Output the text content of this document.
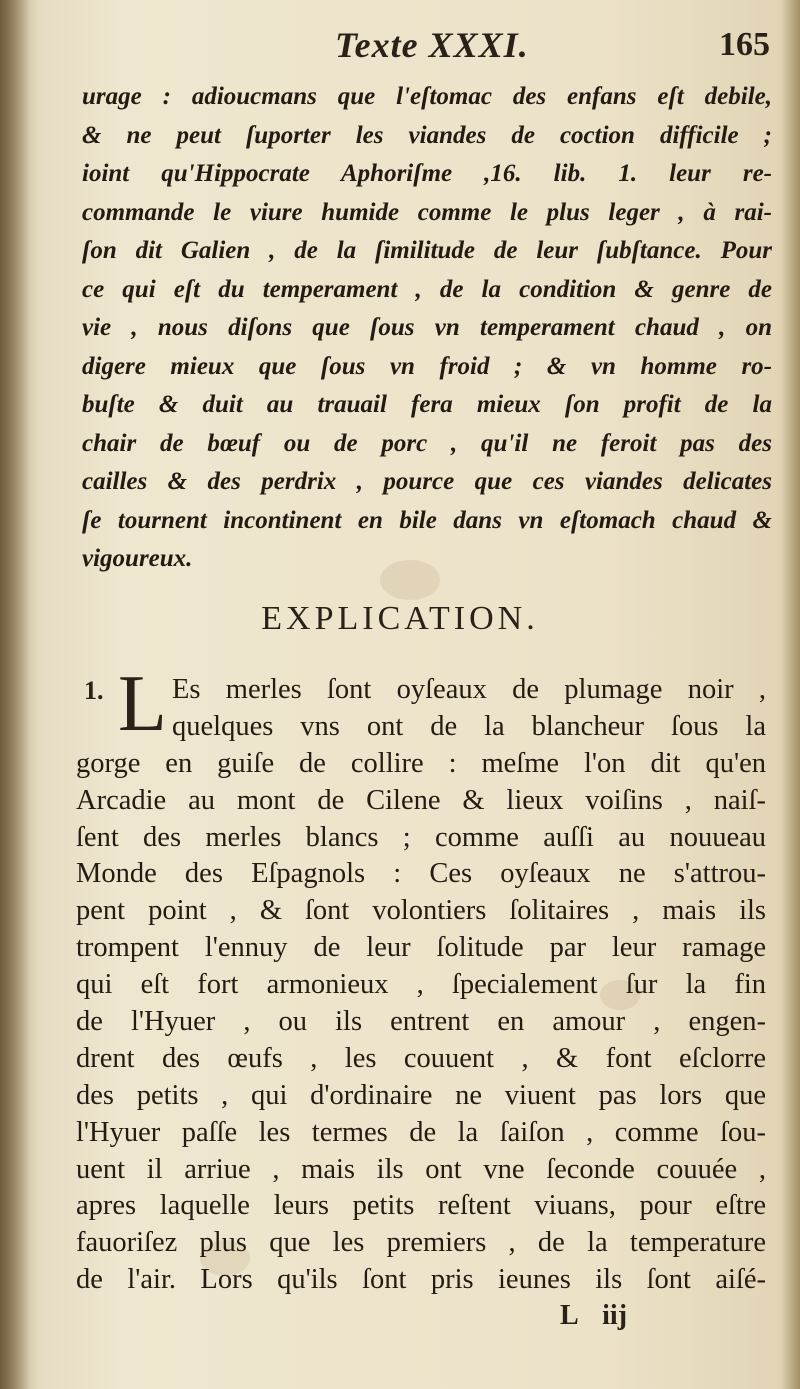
Texte XXXI.	165
urage : adiouстans que l'eſtomac des enfans eſt debile,
& ne peut ſuporter les viandes de coction difficile ;
ioint qu'Hippocrate Aphoriſme ,16. lib. 1. leur re-
commande le viure humide comme le plus leger , à rai-
ſon dit Galien , de la ſimilitude de leur ſubſtance. Pour
ce qui eſt du temperament , de la condition & genre de
vie , nous diſons que ſous vn temperament chaud , on
digere mieux que ſous vn froid ; & vn homme ro-
buſte & duit au trauail fera mieux ſon profit de la
chair de bœuf ou de porc , qu'il ne feroit pas des
cailles & des perdrix , pource que ces viandes delicates
ſe tournent incontinent en bile dans vn eſtomach chaud &
vigoureux.
EXPLICATION.
1. L Es merles ſont oyſeaux de plumage noir ,
quelques vns ont de la blancheur ſous la
gorge en guiſe de collire : meſme l'on dit qu'en
Arcadie au mont de Cilene & lieux voiſins , naiſ-
ſent des merles blancs ; comme auſſi au nouueau
Monde des Eſpagnols : Ces oyſeaux ne s'attrou-
pent point , & ſont volontiers ſolitaires , mais ils
trompent l'ennuy de leur ſolitude par leur ramage
qui eſt fort armonieux , ſpecialement ſur la fin
de l'Hyuer , ou ils entrent en amour , engen-
drent des œufs , les couuent , & font eſclorre
des petits , qui d'ordinaire ne viuent pas lors que
l'Hyuer paſſe les termes de la ſaiſon , comme ſou-
uent il arriue , mais ils ont vne ſeconde couuée ,
apres laquelle leurs petits reſtent viuans, pour eſtre
fauoriſez plus que les premiers , de la temperature
de l'air. Lors qu'ils ſont pris ieunes ils ſont aiſé-
L iij
